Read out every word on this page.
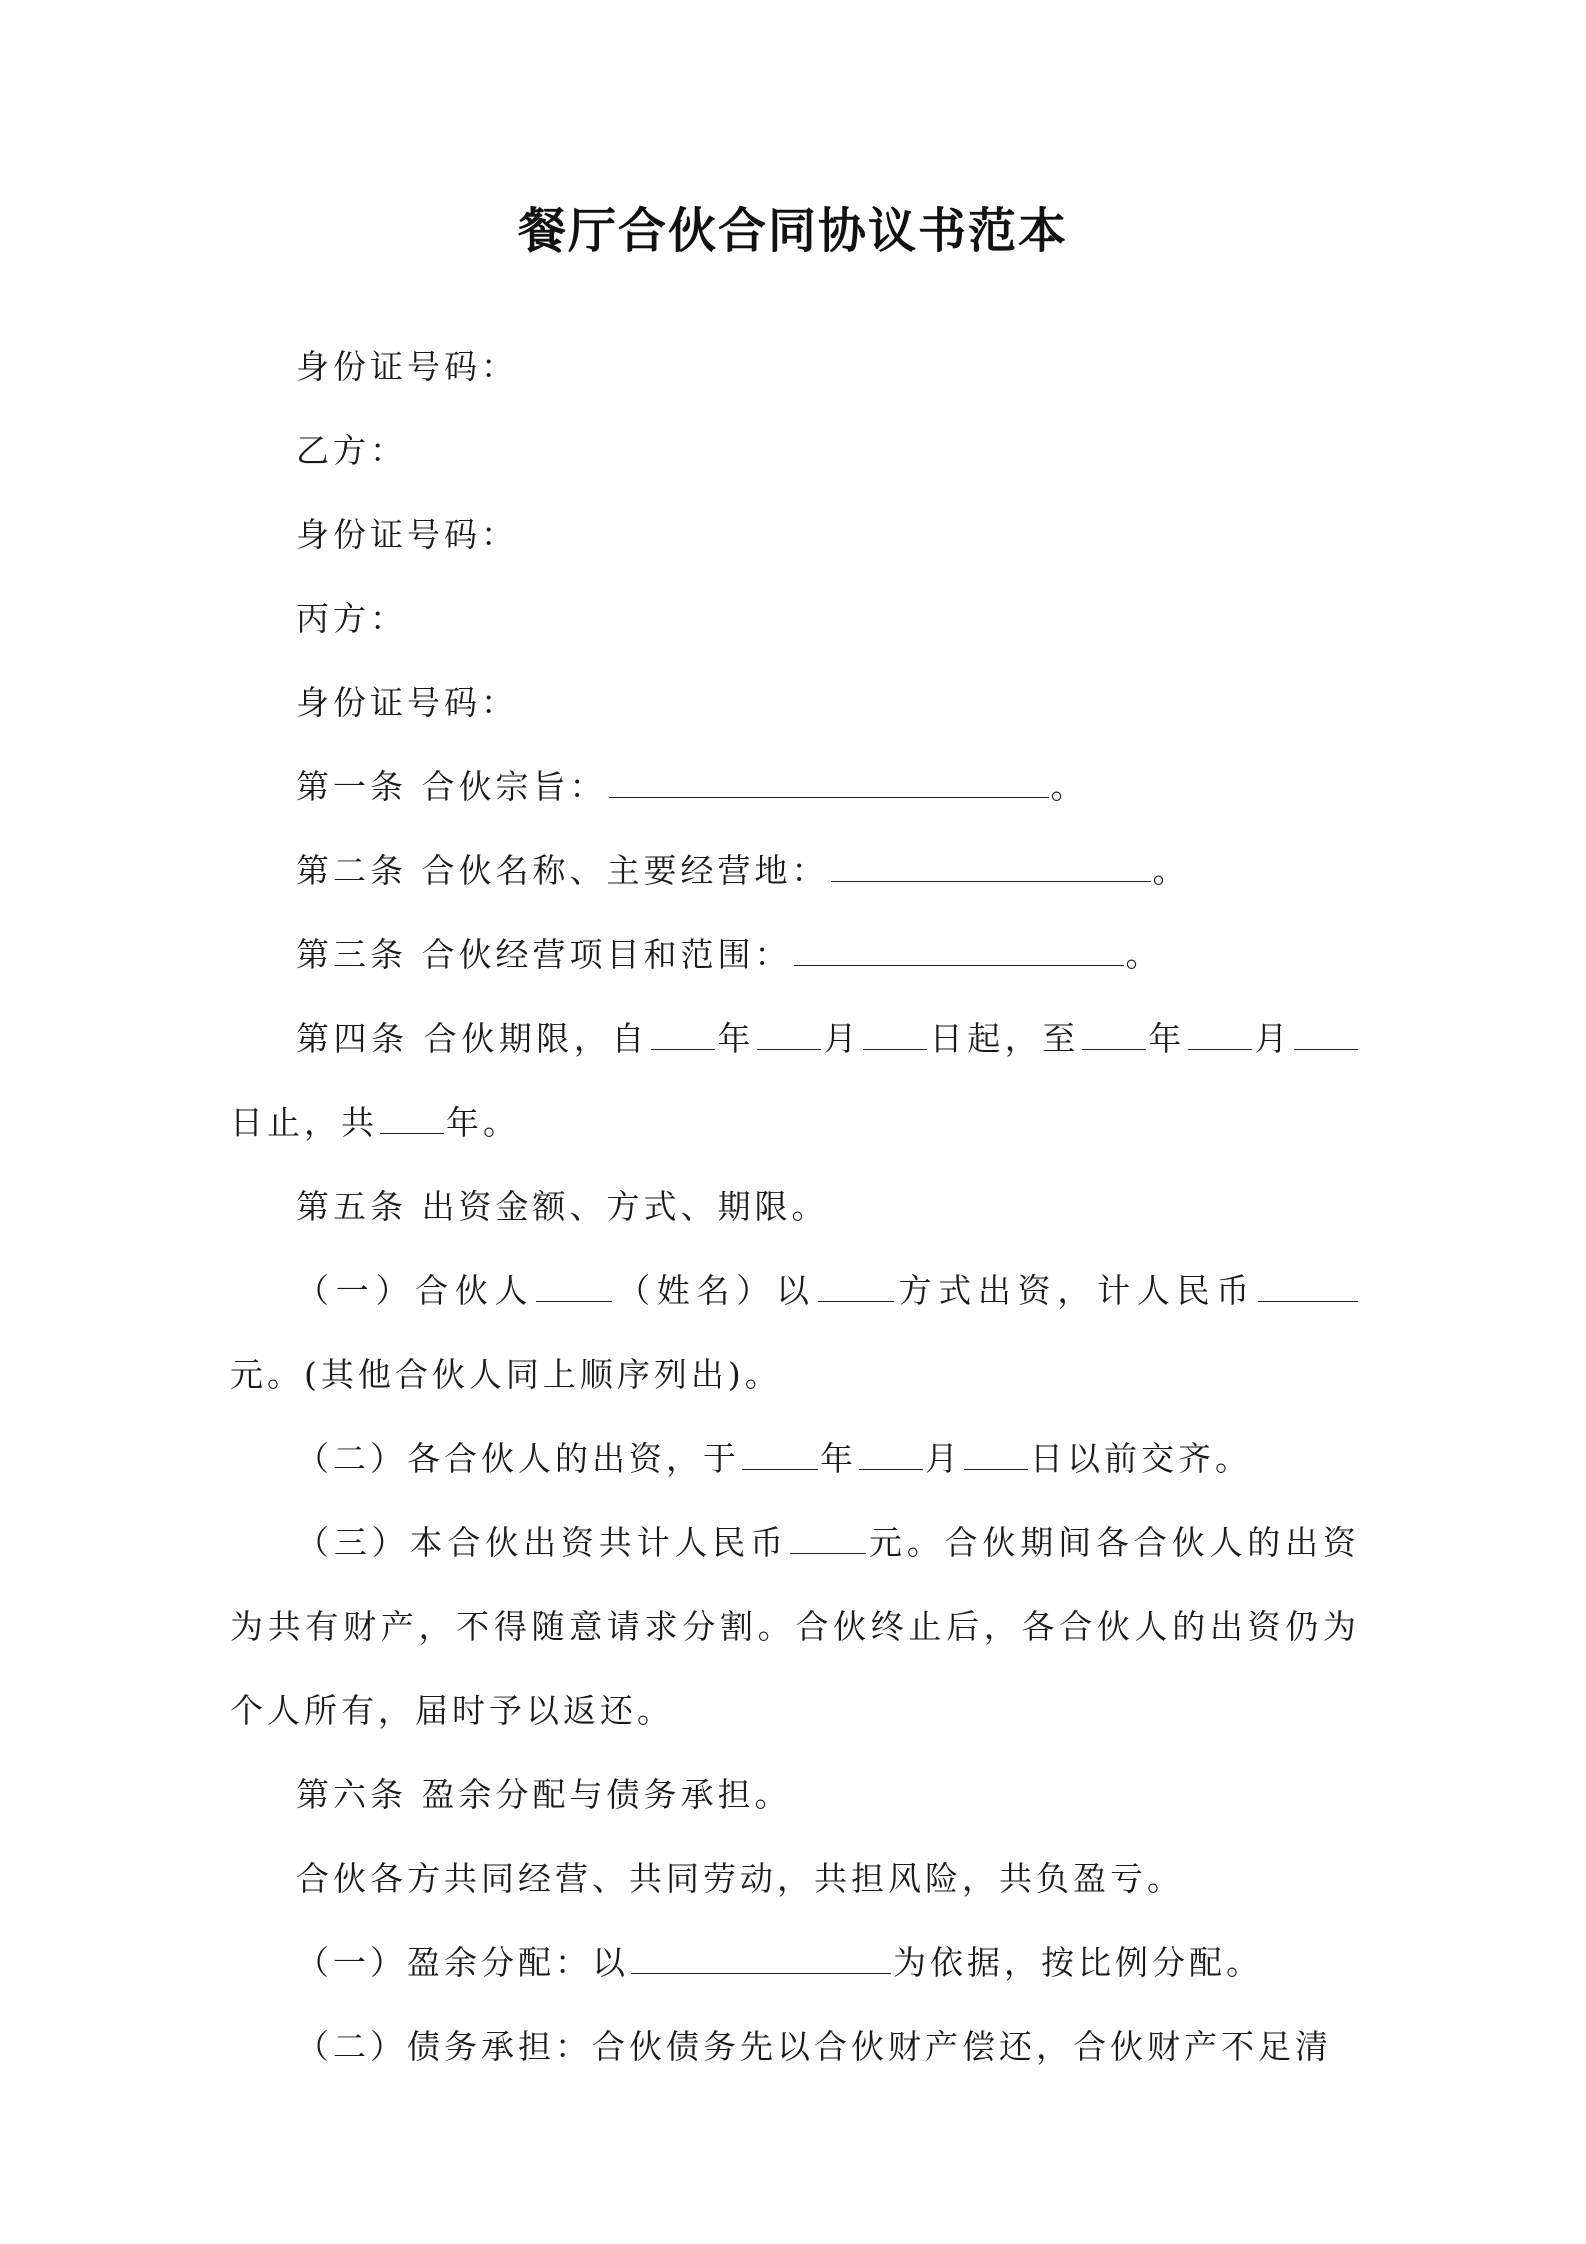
餐厅合伙合同协议书范本

身份证号码：

乙方：

身份证号码：

丙方：

身份证号码：

第一条 合伙宗旨：	。

第二条 合伙名称、主要经营地：	。

第三条 合伙经营项目和范围：	。

第四条 合伙期限，自 年 月 日起，至 年 月日止，共 年。

第五条 出资金额、方式、期限。

（一）合伙人 （姓名）以 方式出资，计人民币元。(其他合伙人同上顺序列出)。

（二）各合伙人的出资，于 年 月 日以前交齐。

（三）本合伙出资共计人民币 元。合伙期间各合伙人的出资为共有财产，不得随意请求分割。合伙终止后，各合伙人的出资仍为个人所有，届时予以返还。

第六条 盈余分配与债务承担。

合伙各方共同经营、共同劳动，共担风险，共负盈亏。

（一）盈余分配：以	为依据，按比例分配。

（二）债务承担：合伙债务先以合伙财产偿还，合伙财产不足清
